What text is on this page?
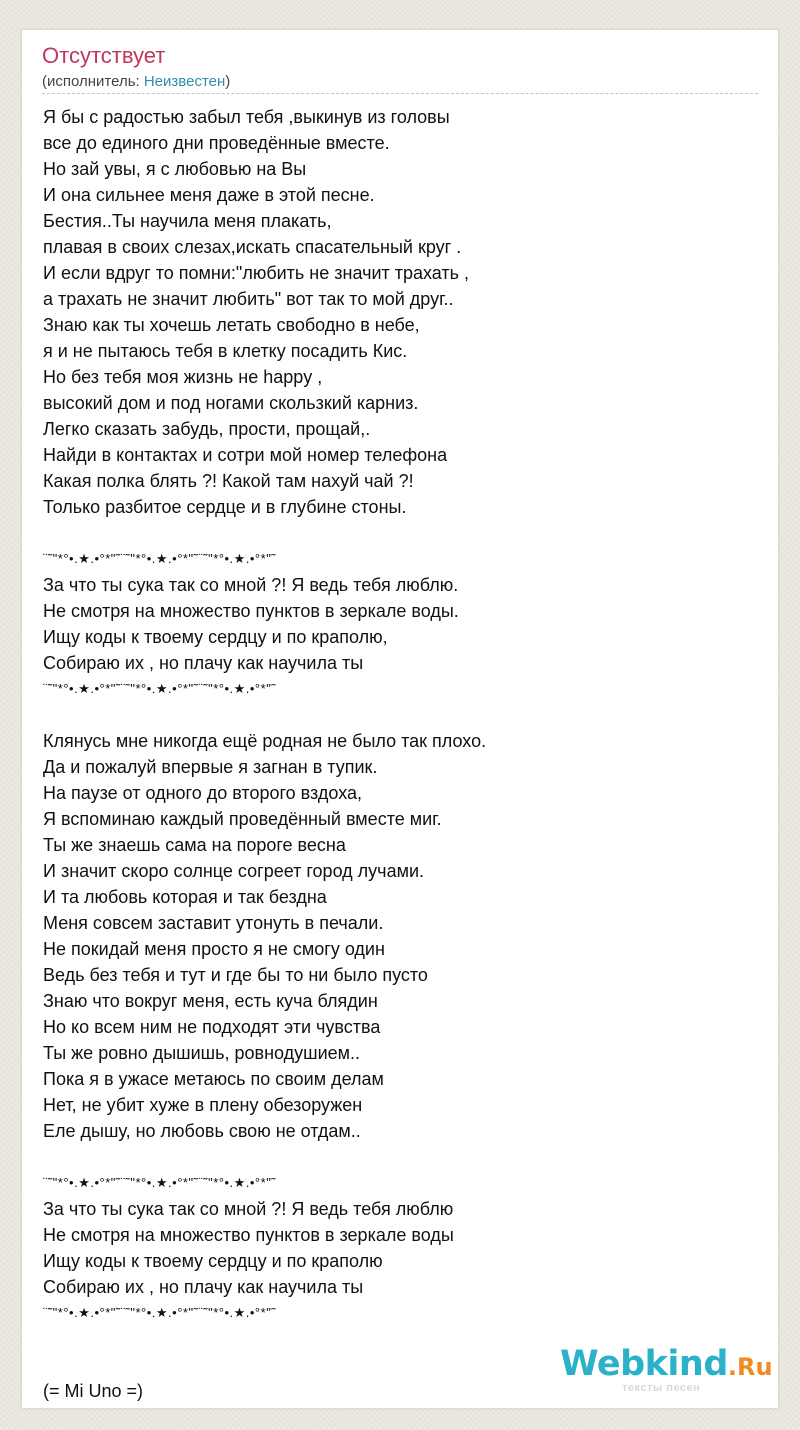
Отсутствует
(исполнитель: Неизвестен)
Я бы с радостью забыл тебя ,выкинув из головы
все до единого дни проведённые вместе.
Но зай увы, я с любовью на Вы
И она сильнее меня даже в этой песне.
Бестия..Ты научила меня плакать,
плавая в своих слезах,искать спасательный круг .
И если вдруг то помни:"любить не значит трахать ,
а трахать не значит любить" вот так то мой друг..
Знаю как ты хочешь летать свободно в небе,
я и не пытаюсь тебя в клетку посадить Кис.
Но без тебя моя жизнь не happy ,
высокий дом и под ногами скользкий карниз.
Легко сказать забудь, прости, прощай,.
Найди в контактах и сотри мой номер телефона
Какая полка блять ?! Какой там нахуй чай ?!
Только разбитое сердце и в глубине стоны.
¨˜"*°•.★.•°*"˜¨˜"*°•.★.•°*"˜¨˜"*°•.★.•°*"˜
За что ты сука так со мной ?! Я ведь тебя люблю.
Не смотря на множество пунктов в зеркале воды.
Ищу коды к твоему сердцу и по краполю,
Собираю их , но плачу как научила ты
¨˜"*°•.★.•°*"˜¨˜"*°•.★.•°*"˜¨˜"*°•.★.•°*"˜
Клянусь мне никогда ещё родная не было так плохо.
Да и пожалуй впервые я загнан в тупик.
На паузе от одного до второго вздоха,
Я вспоминаю каждый проведённый вместе миг.
Ты же знаешь сама на пороге весна
И значит скоро солнце согреет город лучами.
И та любовь которая и так бездна
Меня совсем заставит утонуть в печали.
Не покидай меня просто я не смогу один
Ведь без тебя и тут и где бы то ни было пусто
Знаю что вокруг меня, есть куча блядин
Но ко всем ним не подходят эти чувства
Ты же ровно дышишь, ровнодушием..
Пока я в ужасе метаюсь по своим делам
Нет, не убит хуже в плену обезоружен
Еле дышу, но любовь свою не отдам..
¨˜"*°•.★.•°*"˜¨˜"*°•.★.•°*"˜¨˜"*°•.★.•°*"˜
За что ты сука так со мной ?! Я ведь тебя люблю
Не смотря на множество пунктов в зеркале воды
Ищу коды к твоему сердцу и по краполю
Собираю их , но плачу как научила ты
¨˜"*°•.★.•°*"˜¨˜"*°•.★.•°*"˜¨˜"*°•.★.•°*"˜
(= Mi Uno =)
Webkind.Ru
тексты песен
